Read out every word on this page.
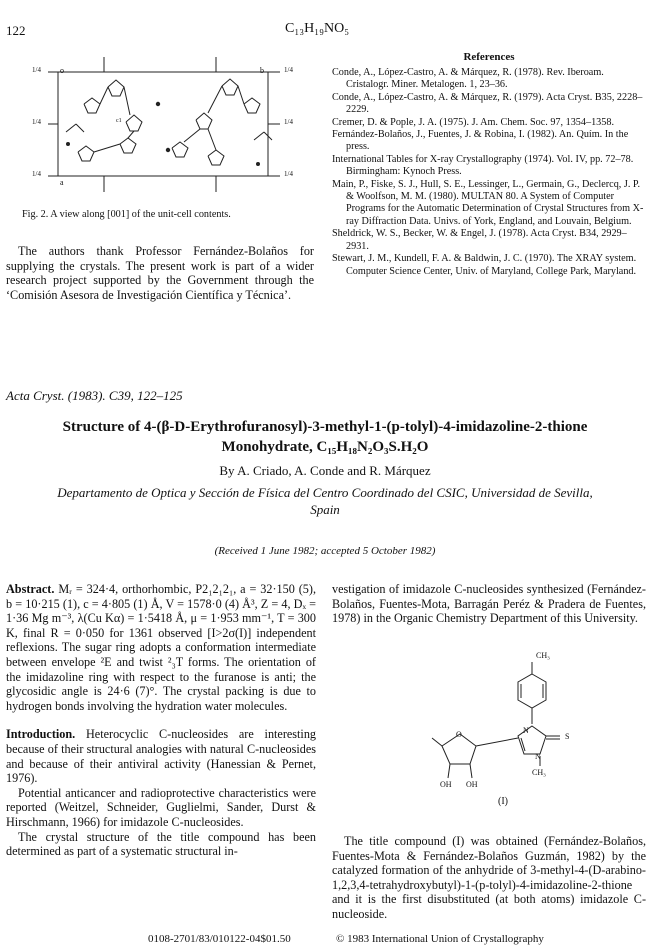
122	C₁₃H₁₉NO₅
1/4 o	b	1/4
1/4	1/4
1/4	1/4
a
c1
Fig. 2. A view along [001] of the unit-cell contents.
The authors thank Professor Fernández-Bolaños for supplying the crystals. The present work is part of a wider research project supported by the Government through the ‘Comisión Asesora de Investigación Científica y Técnica’.
References

Conde, A., López-Castro, A. & Márquez, R. (1978). Rev. Iberoam. Cristalogr. Miner. Metalogen. 1, 23–36.

Conde, A., López-Castro, A. & Márquez, R. (1979). Acta Cryst. B35, 2228–2229.

Cremer, D. & Pople, J. A. (1975). J. Am. Chem. Soc. 97, 1354–1358.

Fernández-Bolaños, J., Fuentes, J. & Robina, I. (1982). An. Quím. In the press.

International Tables for X-ray Crystallography (1974). Vol. IV, pp. 72–78. Birmingham: Kynoch Press.

Main, P., Fiske, S. J., Hull, S. E., Lessinger, L., Germain, G., Declercq, J. P. & Woolfson, M. M. (1980). MULTAN 80. A System of Computer Programs for the Automatic Determination of Crystal Structures from X-ray Diffraction Data. Univs. of York, England, and Louvain, Belgium.

Sheldrick, W. S., Becker, W. & Engel, J. (1978). Acta Cryst. B34, 2929–2931.

Stewart, J. M., Kundell, F. A. & Baldwin, J. C. (1970). The XRAY system. Computer Science Center, Univ. of Maryland, College Park, Maryland.

Acta Cryst. (1983). C39, 122–125
Structure of 4-(β-D-Erythrofuranosyl)-3-methyl-1-(p-tolyl)-4-imidazoline-2-thione
Monohydrate, C₁₅H₁₈N₂O₃S.H₂O
By A. Criado, A. Conde and R. Márquez
Departamento de Optica y Sección de Física del Centro Coordinado del CSIC, Universidad de Sevilla,
Spain
(Received 1 June 1982; accepted 5 October 1982)

Abstract. Mᵣ = 324·4, orthorhombic, P2₁2₁2₁, a = 32·150 (5), b = 10·215 (1), c = 4·805 (1) Å, V = 1578·0 (4) Å³, Z = 4, Dₓ = 1·36 Mg m⁻³, λ(Cu Kα) = 1·5418 Å, μ = 1·953 mm⁻¹, T = 300 K, final R = 0·050 for 1361 observed [I>2σ(I)] independent reflexions. The sugar ring adopts a conformation intermediate between envelope ²E and twist ²₃T forms. The orientation of the imidazoline ring with respect to the furanose is anti; the glycosidic angle is 24·6 (7)°. The crystal packing is due to hydrogen bonds involving the hydration water molecules.

Introduction. Heterocyclic C-nucleosides are interesting because of their structural analogies with natural C-nucleosides and because of their antiviral activity (Hanessian & Pernet, 1976).

Potential anticancer and radioprotective characteristics were reported (Weitzel, Schneider, Guglielmi, Sander, Durst & Hirschmann, 1966) for imidazole C-nucleosides.

The crystal structure of the title compound has been determined as part of a systematic structural in-

vestigation of imidazole C-nucleosides synthesized (Fernández-Bolaños, Fuentes-Mota, Barragán Peréz & Pradera de Fuentes, 1978) in the Organic Chemistry Department of this University.
CH₃
N
N
S
O
CH₃
OH OH
(I)
The title compound (I) was obtained (Fernández-Bolaños, Fuentes-Mota & Fernández-Bolaños Guzmán, 1982) by the catalyzed formation of the anhydride of 3-methyl-4-(D-arabino-1,2,3,4-tetrahydroxybutyl)-1-(p-tolyl)-4-imidazoline-2-thione and it is the first disubstituted (at both atoms) imidazole C-nucleoside.
0108-2701/83/010122-04$01.50	© 1983 International Union of Crystallography
